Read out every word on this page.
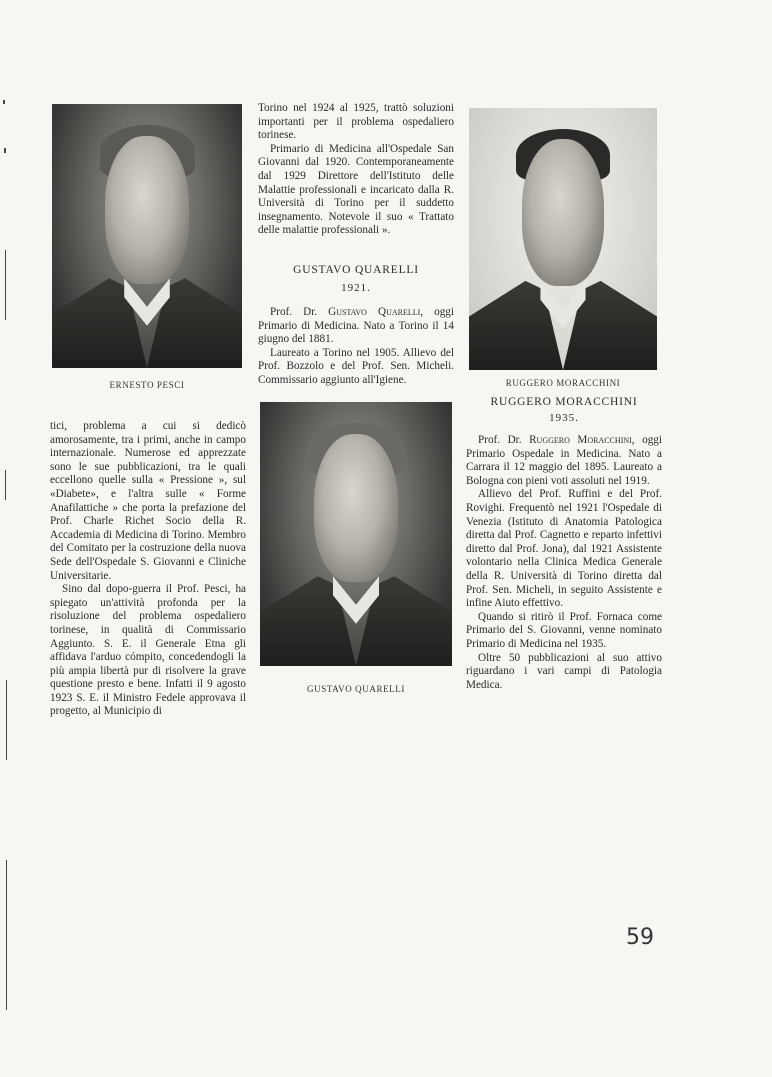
ERNESTO PESCI

Torino nel 1924 al 1925, trattò soluzioni importanti per il problema ospedaliero torinese.

Primario di Medicina all'Ospedale San Giovanni dal 1920. Contemporaneamente dal 1929 Direttore dell'Istituto delle Malattie professionali e incaricato dalla R. Università di Torino per il suddetto insegnamento. Notevole il suo « Trattato delle malattie professionali ».

GUSTAVO QUARELLI
1921.

Prof. Dr. Gustavo Quarelli, oggi Primario di Medicina. Nato a Torino il 14 giugno del 1881.

Laureato a Torino nel 1905. Allievo del Prof. Bozzolo e del Prof. Sen. Micheli. Commissario aggiunto all'Igiene.	RUGGERO MORACCHINI
RUGGERO MORACCHINI
1935.

Prof. Dr. Ruggero Moracchini, oggi Primario Ospedale in Medicina. Nato a Carrara il 12 maggio del 1895. Laureato a Bologna con pieni voti assoluti nel 1919.

Allievo del Prof. Ruffini e del Prof. Rovighi. Frequentò nel 1921 l'Ospedale di Venezia (Istituto di Anatomia Patologica diretta dal Prof. Cagnetto e reparto infettivi diretto dal Prof. Jona), dal 1921 Assistente volontario nella Clinica Medica Generale della R. Università di Torino diretta dal Prof. Sen. Micheli, in seguito Assistente e infine Aiuto effettivo.

Quando si ritirò il Prof. Fornaca come Primario del S. Giovanni, venne nominato Primario di Medicina nel 1935.

Oltre 50 pubblicazioni al suo attivo riguardano i vari campi di Patologia Medica.

tici, problema a cui si dedicò amorosamente, tra i primi, anche in campo internazionale. Numerose ed apprezzate sono le sue pubblicazioni, tra le quali eccellono quelle sulla « Pressione », sul «Diabete», e l'altra sulle « Forme Anafilattiche » che porta la prefazione del Prof. Charle Richet Socio della R. Accademia di Medicina di Torino. Membro del Comitato per la costruzione della nuova Sede dell'Ospedale S. Giovanni e Cliniche Universitarie.

Sino dal dopo-guerra il Prof. Pesci, ha spiegato un'attività profonda per la risoluzione del problema ospedaliero torinese, in qualità di Commissario Aggiunto. S. E. il Generale Etna gli affidava l'arduo cómpito, concedendogli la più ampia libertà pur di risolvere la grave questione presto e bene. Infatti il 9 agosto 1923 S. E. il Ministro Fedele approvava il progetto, al Municipio di

GUSTAVO QUARELLI
59
